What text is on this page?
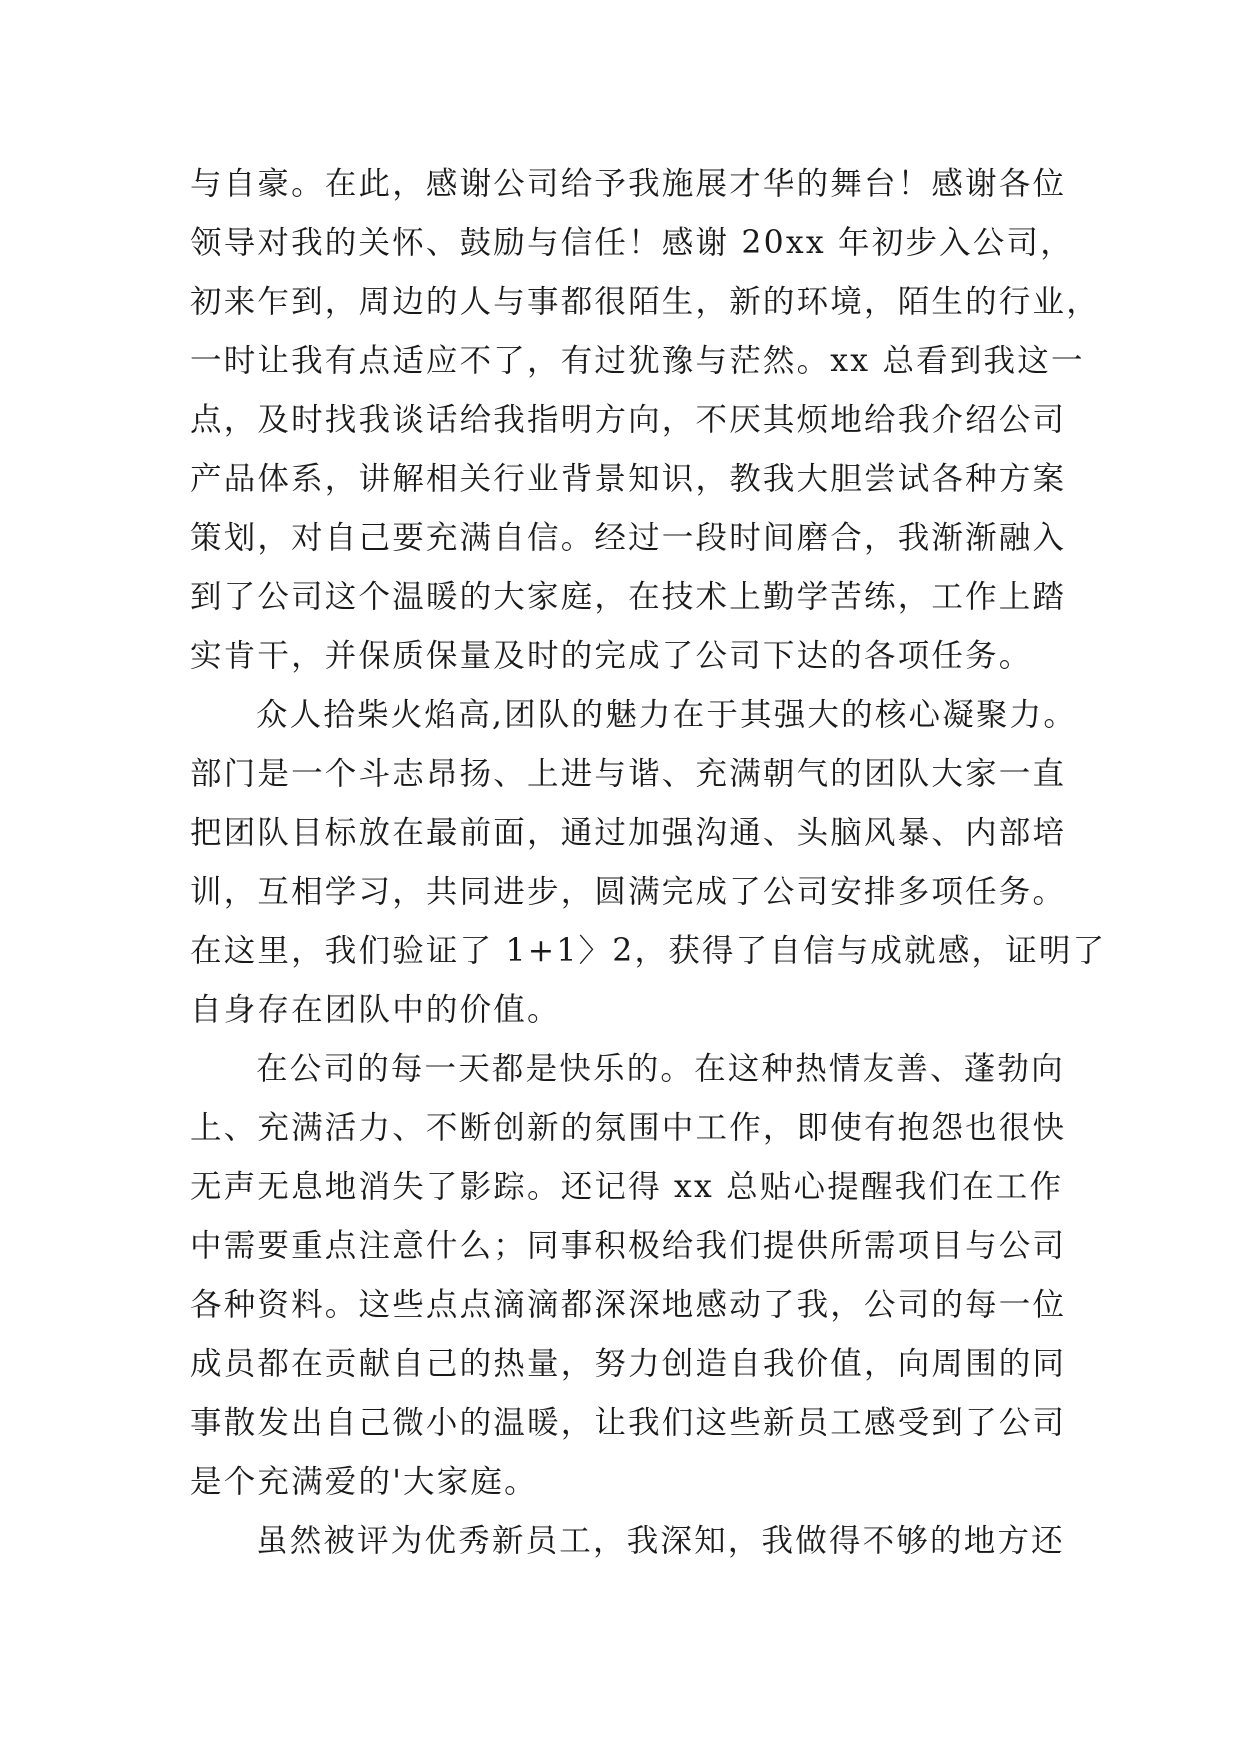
与自豪。在此，感谢公司给予我施展才华的舞台！感谢各位
领导对我的关怀、鼓励与信任！感谢 20xx 年初步入公司，
初来乍到，周边的人与事都很陌生，新的环境，陌生的行业，
一时让我有点适应不了，有过犹豫与茫然。xx 总看到我这一
点，及时找我谈话给我指明方向，不厌其烦地给我介绍公司
产品体系，讲解相关行业背景知识，教我大胆尝试各种方案
策划，对自己要充满自信。经过一段时间磨合，我渐渐融入
到了公司这个温暖的大家庭，在技术上勤学苦练，工作上踏
实肯干，并保质保量及时的完成了公司下达的各项任务。
众人拾柴火焰高,团队的魅力在于其强大的核心凝聚力。
部门是一个斗志昂扬、上进与谐、充满朝气的团队大家一直
把团队目标放在最前面，通过加强沟通、头脑风暴、内部培
训，互相学习，共同进步，圆满完成了公司安排多项任务。
在这里，我们验证了 1+1〉2，获得了自信与成就感，证明了
自身存在团队中的价值。
在公司的每一天都是快乐的。在这种热情友善、蓬勃向
上、充满活力、不断创新的氛围中工作，即使有抱怨也很快
无声无息地消失了影踪。还记得 xx 总贴心提醒我们在工作
中需要重点注意什么；同事积极给我们提供所需项目与公司
各种资料。这些点点滴滴都深深地感动了我，公司的每一位
成员都在贡献自己的热量，努力创造自我价值，向周围的同
事散发出自己微小的温暖，让我们这些新员工感受到了公司
是个充满爱的'大家庭。
虽然被评为优秀新员工，我深知，我做得不够的地方还
